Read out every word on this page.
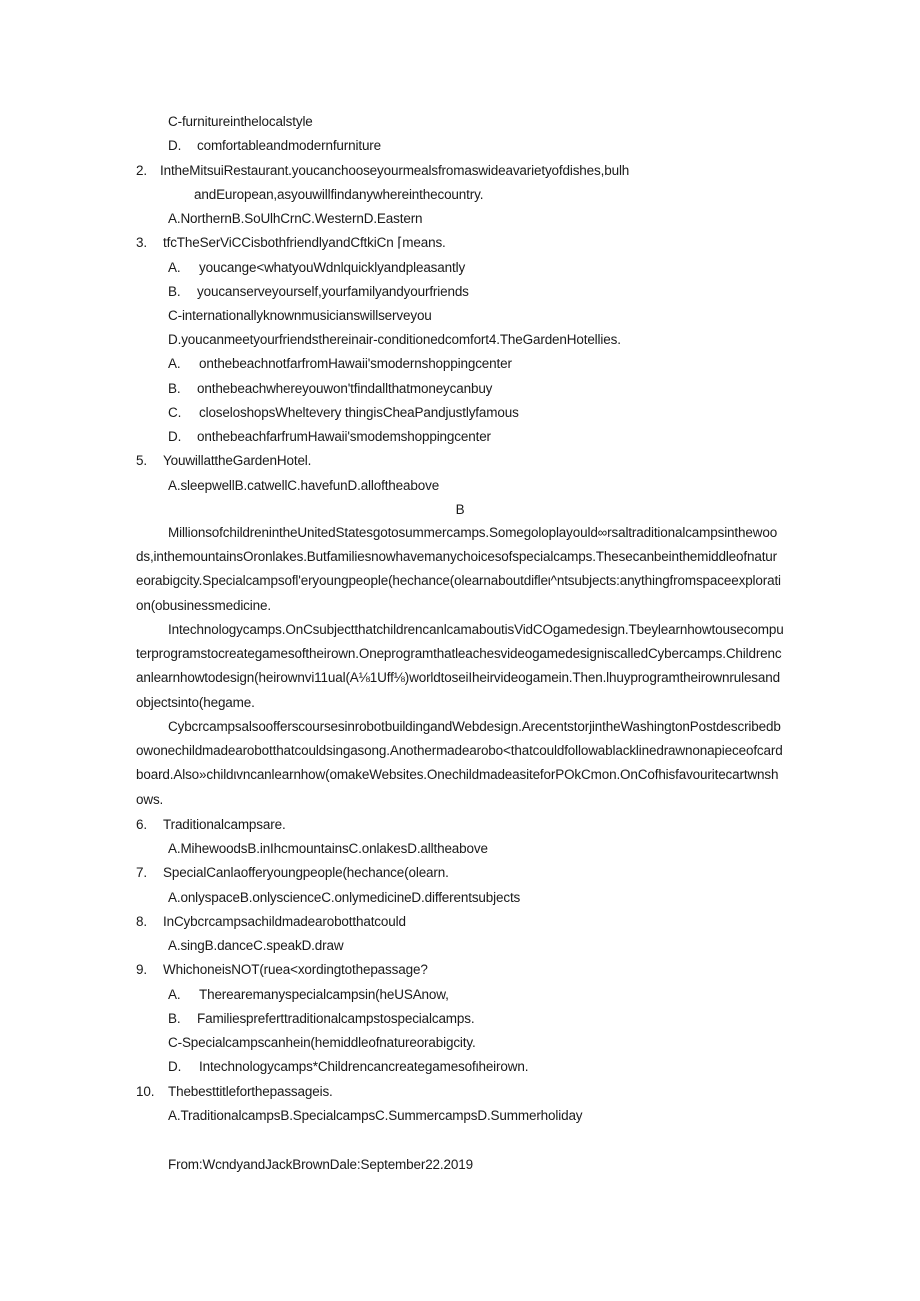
C-furnitureinthelocalstyle
D. comfortableandmodernfurniture
2. IntheMitsuiRestaurant.youcanchooseyourmealsfromaswideavarietyofdishes,bulh
andEuropean,asyouwillfindanywhereinthecountry.
A.NorthernB.SoUlhCrnC.WesternD.Eastern
3. tfcTheSerViCCisbothfriendlyandCftkiCn ⌈means.
A. youcange<whatyouWdnlquicklyandpleasantly
B. youcanserveyourself,yourfamilyandyourfriends
C-internationallyknownmusicianswillserveyou
D.youcanmeetyourfriendsthereinair-conditionedcomfort4.TheGardenHotellies.
A. onthebeachnotfarfromHawaii'smodernshoppingcenter
B. onthebeachwhereyouwon'tfindallthatmoneycanbuy
C. closeloshopsWheltevery thingisCheaPandjustlyfamous
D. onthebeachfarfrumHawaii'smodemshoppingcenter
5. YouwillattheGardenHotel.
A.sleepwellB.catwellC.havefunD.alloftheabove
B
MillionsofchildrenintheUnitedStatesgotosummercamps.Somegoloplayould∞rsaltraditionalcampsinthewoods,inthemountainsOronlakes.Butfamiliesnowhavemanychoicesofspecialcamps.Thesecanbeinthemiddleofnatureorabigcity.Specialcampsofl'eryoungpeople(hechance(olearnaboutdifleι^ntsubjects:anythingfromspaceexploration(obusinessmedicine.
Intechnologycamps.OnCsubjectthatchildrencanlcamaboutisVidCOgamedesign.Tbeylearnhowtousecomputerprogramstocreategamesoftheirown.OneprogramthatleachesvideogamedesigniscalledCybercamps.Childrencanlearnhowtodesign(heirownvi11ual(A⅛1Uff⅛)worldtoseiIheirvideogamein.Then.lhuyprogramtheirownrulesandobjectsinto(hegame.
CybcrcampsalsoofferscoursesinrobotbuildingandWebdesign.ArecentstorjintheWashingtonPostdescribedbowonechildmadearobotthatcouldsingasong.Anothermadearobo<thatcouldfollowablacklinedrawnonapieceofcardboard.Also»childιvncanlearnhow(omakeWebsites.OnechildmadeasiteforPOkCmon.OnCofhisfavouritecartwnshows.
6. Traditionalcampsare.
A.MihewoodsB.inIhcmountainsC.onlakesD.alltheabove
7. SpecialCanlaofferyoungpeople(hechance(olearn.
A.onlyspaceB.onlyscienceC.onlymedicineD.differentsubjects
8. InCybcrcampsachildmadearobotthatcould
A.singB.danceC.speakD.draw
9. WhichoneisNOT(ruea<xordingtothepassage?
A. Therearemanyspecialcampsin(heUSAnow,
B. Familiespreferttraditionalcampstospecialcamps.
C-Specialcampscanhein(hemiddleofnatureorabigcity.
D. Intechnologycamps*Childrencancreategamesofιheirown.
10. Thebesttitleforthepassageis.
A.TraditionalcampsB.SpecialcampsC.SummercampsD.Summerholiday
From:WcndyandJackBrownDale:September22.2019
